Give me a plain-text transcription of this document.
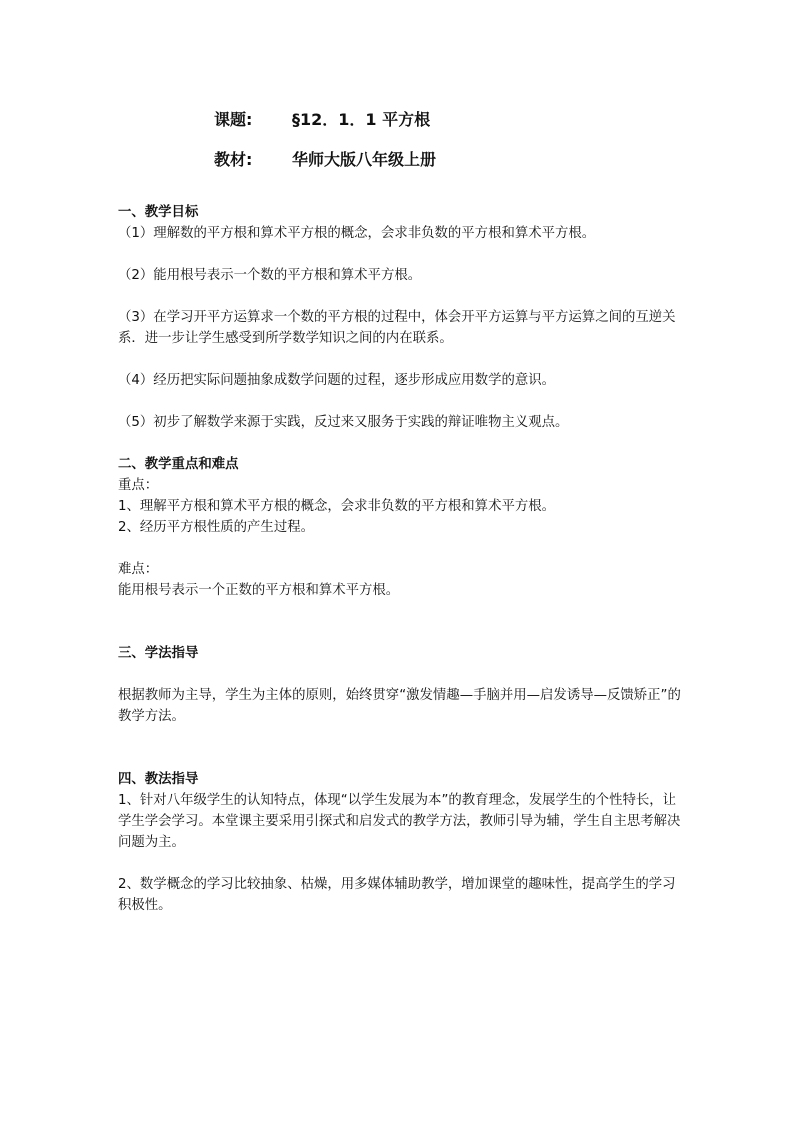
课题: §12．1．1 平方根
教材: 华师大版八年级上册

一、教学目标

（1）理解数的平方根和算术平方根的概念，会求非负数的平方根和算术平方根。

（2）能用根号表示一个数的平方根和算术平方根。

（3）在学习开平方运算求一个数的平方根的过程中，体会开平方运算与平方运算之间的互逆关系．进一步让学生感受到所学数学知识之间的内在联系。

（4）经历把实际问题抽象成数学问题的过程，逐步形成应用数学的意识。

（5）初步了解数学来源于实践，反过来又服务于实践的辩证唯物主义观点。

二、教学重点和难点

重点：

1、理解平方根和算术平方根的概念，会求非负数的平方根和算术平方根。

2、经历平方根性质的产生过程。

难点：

能用根号表示一个正数的平方根和算术平方根。

三、学法指导

根据教师为主导，学生为主体的原则，始终贯穿“激发情趣—手脑并用—启发诱导—反馈矫正”的教学方法。

四、教法指导

1、针对八年级学生的认知特点，体现“以学生发展为本”的教育理念，发展学生的个性特长，让学生学会学习。本堂课主要采用引探式和启发式的教学方法，教师引导为辅，学生自主思考解决问题为主。

2、数学概念的学习比较抽象、枯燥，用多媒体辅助教学，增加课堂的趣味性，提高学生的学习积极性。
